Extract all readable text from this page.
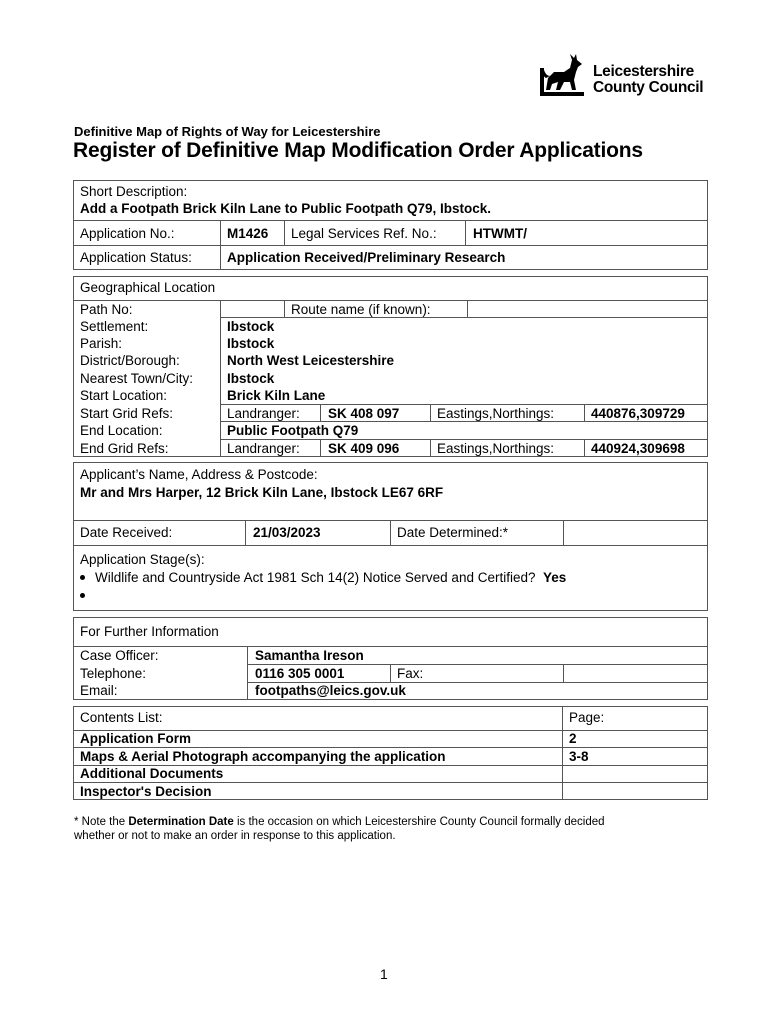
Leicestershire
County Council
Definitive Map of Rights of Way for Leicestershire
Register of Definitive Map Modification Order Applications
Short Description:
Add a Footpath Brick Kiln Lane to Public Footpath Q79, Ibstock.
Application No.:	M1426 Legal Services Ref. No.:	HTWMT/
Application Status:	Application Received/Preliminary Research
Geographical Location
Path No:	Route name (if known):
Settlement:	Ibstock
Parish:	Ibstock
District/Borough:	North West Leicestershire
Nearest Town/City:	Ibstock
Start Location:	Brick Kiln Lane
Start Grid Refs:	Landranger: SK 408 097	Eastings,Northings:	440876,309729
End Location:	Public Footpath Q79
End Grid Refs:	Landranger: SK 409 096	Eastings,Northings:	440924,309698
Applicant’s Name, Address & Postcode:
Mr and Mrs Harper, 12 Brick Kiln Lane, Ibstock LE67 6RF
Date Received:	21/03/2023	Date Determined:*
Application Stage(s):
Wildlife and Countryside Act 1981 Sch 14(2) Notice Served and Certified? Yes
For Further Information
Case Officer:	Samantha Ireson
Telephone:	0116 305 0001	Fax:
Email:	footpaths@leics.gov.uk
Contents List:	Page:
Application Form	2
Maps & Aerial Photograph accompanying the application	3-8
Additional Documents
Inspector's Decision
* Note the Determination Date is the occasion on which Leicestershire County Council formally decided
whether or not to make an order in response to this application.
1
